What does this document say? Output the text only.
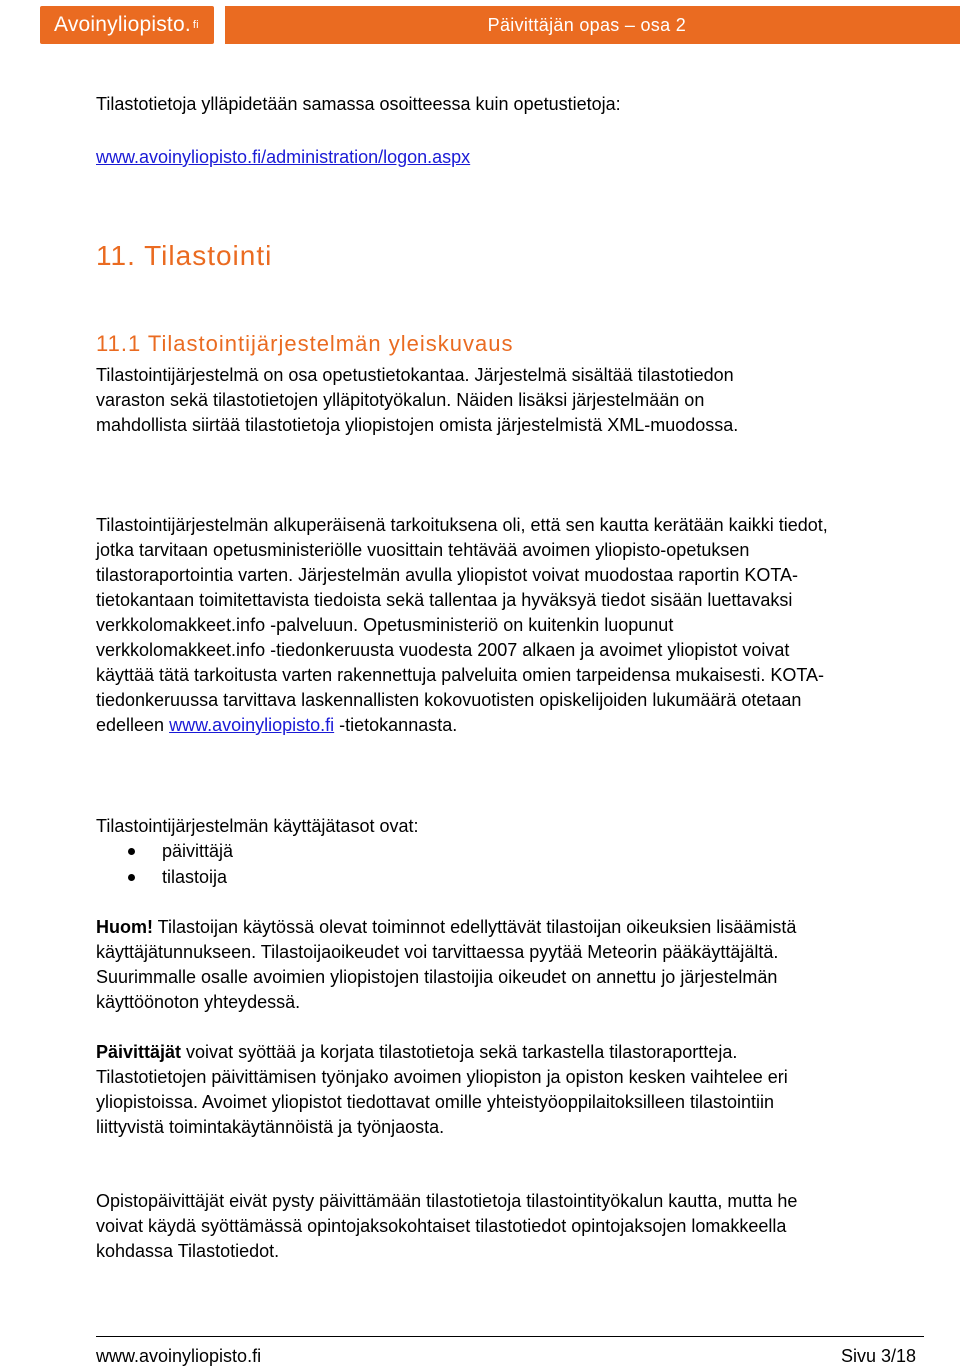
Avoinyliopisto. $^{fi}$	Päivittäjän opas – osa 2

Tilastotietoja ylläpidetään samassa osoitteessa kuin opetustietoja:

www.avoinyliopisto.fi/administration/logon.aspx

11. Tilastointi
11.1 Tilastointijärjestelmän yleiskuvaus

Tilastointijärjestelmä on osa opetustietokantaa. Järjestelmä sisältää tilastotiedon varaston sekä tilastotietojen ylläpitotyökalun. Näiden lisäksi järjestelmään on mahdollista siirtää tilastotietoja yliopistojen omista järjestelmistä XML-muodossa.

Tilastointijärjestelmän alkuperäisenä tarkoituksena oli, että sen kautta kerätään kaikki tiedot, jotka tarvitaan opetusministeriölle vuosittain tehtävää avoimen yliopisto-opetuksen tilastoraportointia varten. Järjestelmän avulla yliopistot voivat muodostaa raportin KOTA-tietokantaan toimitettavista tiedoista sekä tallentaa ja hyväksyä tiedot sisään luettavaksi verkkolomakkeet.info -palveluun. Opetusministeriö on kuitenkin luopunut verkkolomakkeet.info -tiedonkeruusta vuodesta 2007 alkaen ja avoimet yliopistot voivat käyttää tätä tarkoitusta varten rakennettuja palveluita omien tarpeidensa mukaisesti. KOTA-tiedonkeruussa tarvittava laskennallisten kokovuotisten opiskelijoiden lukumäärä otetaan edelleen www.avoinyliopisto.fi -tietokannasta.

Tilastointijärjestelmän käyttäjätasot ovat:

päivittäjä
tilastoija

Huom! Tilastoijan käytössä olevat toiminnot edellyttävät tilastoijan oikeuksien lisäämistä käyttäjätunnukseen. Tilastoijaoikeudet voi tarvittaessa pyytää Meteorin pääkäyttäjältä. Suurimmalle osalle avoimien yliopistojen tilastoijia oikeudet on annettu jo järjestelmän käyttöönoton yhteydessä.

Päivittäjät voivat syöttää ja korjata tilastotietoja sekä tarkastella tilastoraportteja. Tilastotietojen päivittämisen työnjako avoimen yliopiston ja opiston kesken vaihtelee eri yliopistoissa. Avoimet yliopistot tiedottavat omille yhteistyöoppilaitoksilleen tilastointiin liittyvistä toimintakäytännöistä ja työnjaosta.

Opistopäivittäjät eivät pysty päivittämään tilastotietoja tilastointityökalun kautta, mutta he voivat käydä syöttämässä opintojaksokohtaiset tilastotiedot opintojaksojen lomakkeella kohdassa Tilastotiedot.

www.avoinyliopisto.fi	Sivu 3/18
